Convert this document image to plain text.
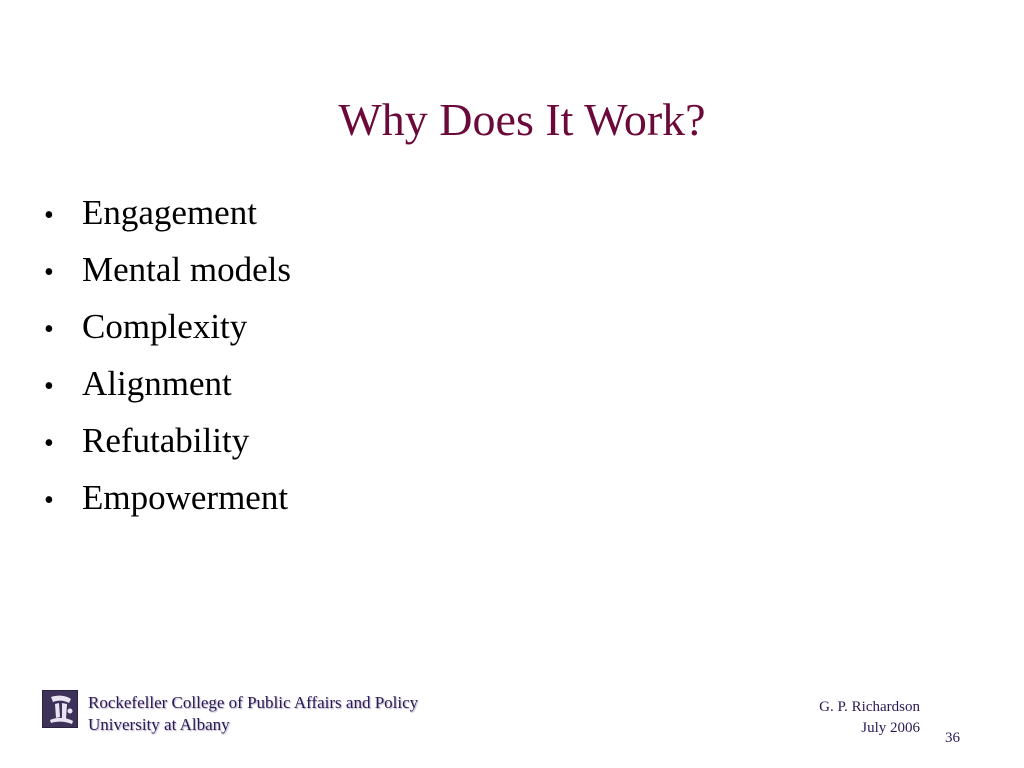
Why Does It Work?
• Engagement
• Mental models
• Complexity
• Alignment
• Refutability
• Empowerment
Rockefeller College of Public Affairs and Policy
University at Albany
G. P. Richardson
July 2006
36
